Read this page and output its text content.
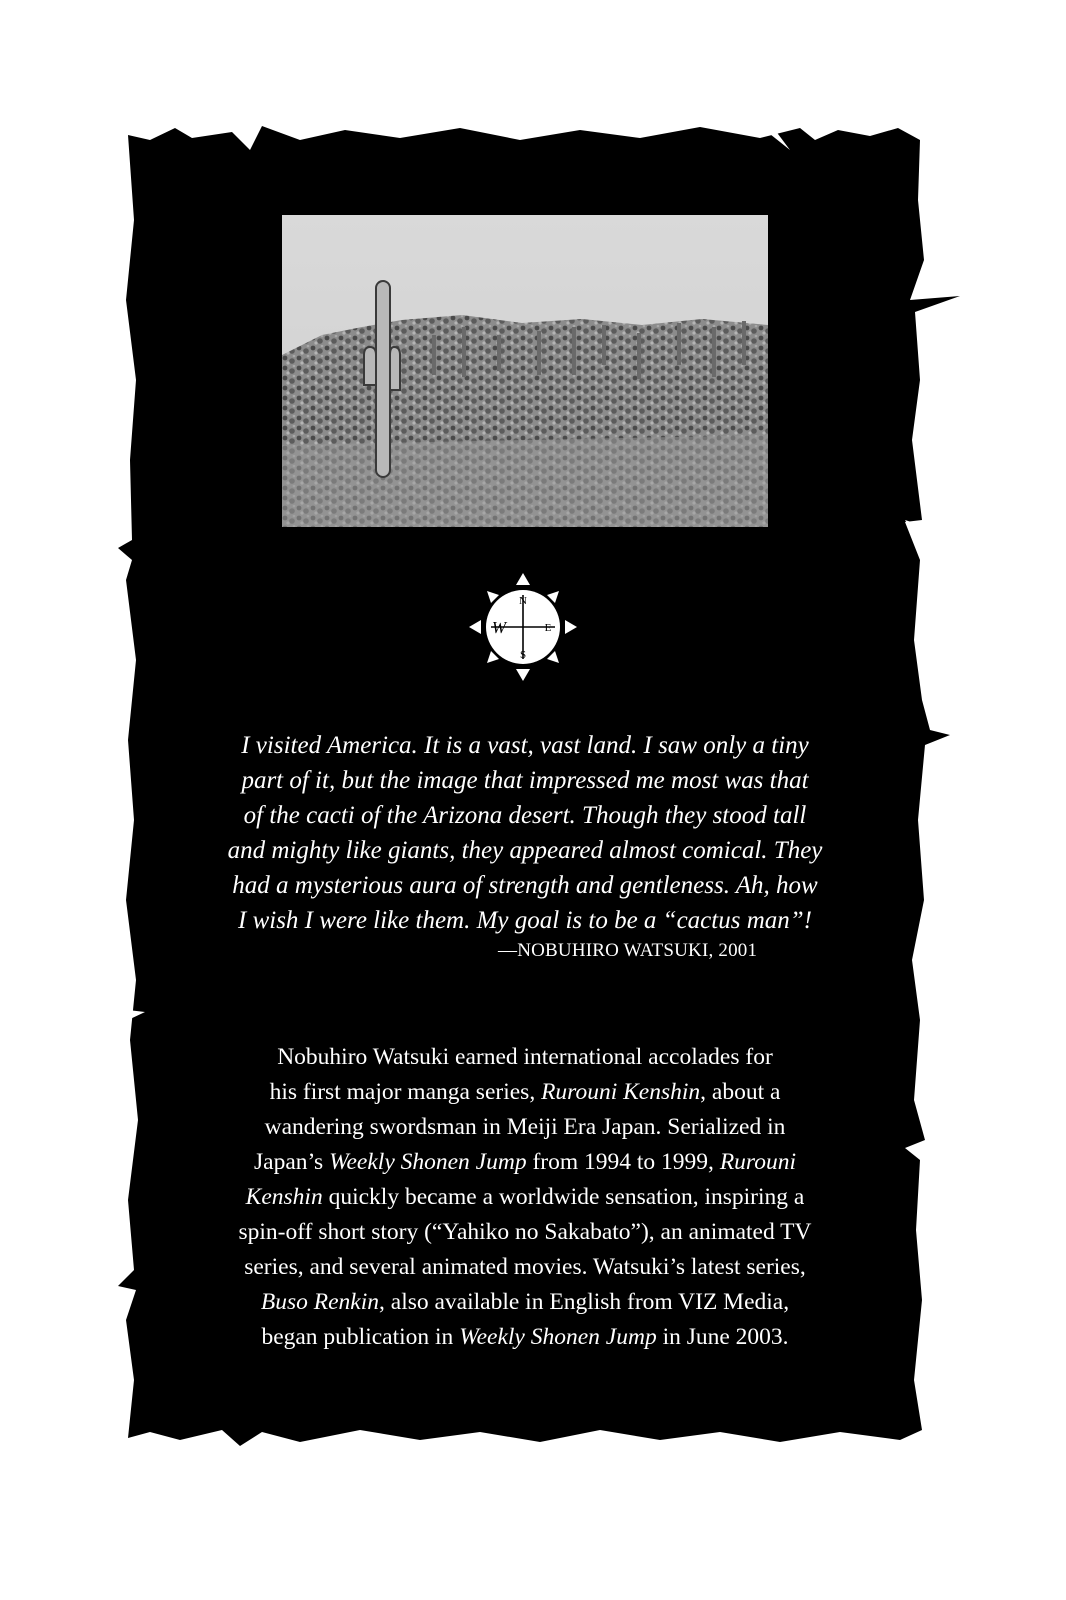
N
E
S
W
I visited America. It is a vast, vast land. I saw only a tiny
part of it, but the image that impressed me most was that
of the cacti of the Arizona desert. Though they stood tall
and mighty like giants, they appeared almost comical. They
had a mysterious aura of strength and gentleness. Ah, how
I wish I were like them. My goal is to be a “cactus man”!
—NOBUHIRO WATSUKI, 2001
Nobuhiro Watsuki earned international accolades for
his first major manga series, Rurouni Kenshin, about a
wandering swordsman in Meiji Era Japan. Serialized in
Japan’s Weekly Shonen Jump from 1994 to 1999, Rurouni
Kenshin quickly became a worldwide sensation, inspiring a
spin-off short story (“Yahiko no Sakabato”), an animated TV
series, and several animated movies. Watsuki’s latest series,
Buso Renkin, also available in English from VIZ Media,
began publication in Weekly Shonen Jump in June 2003.
